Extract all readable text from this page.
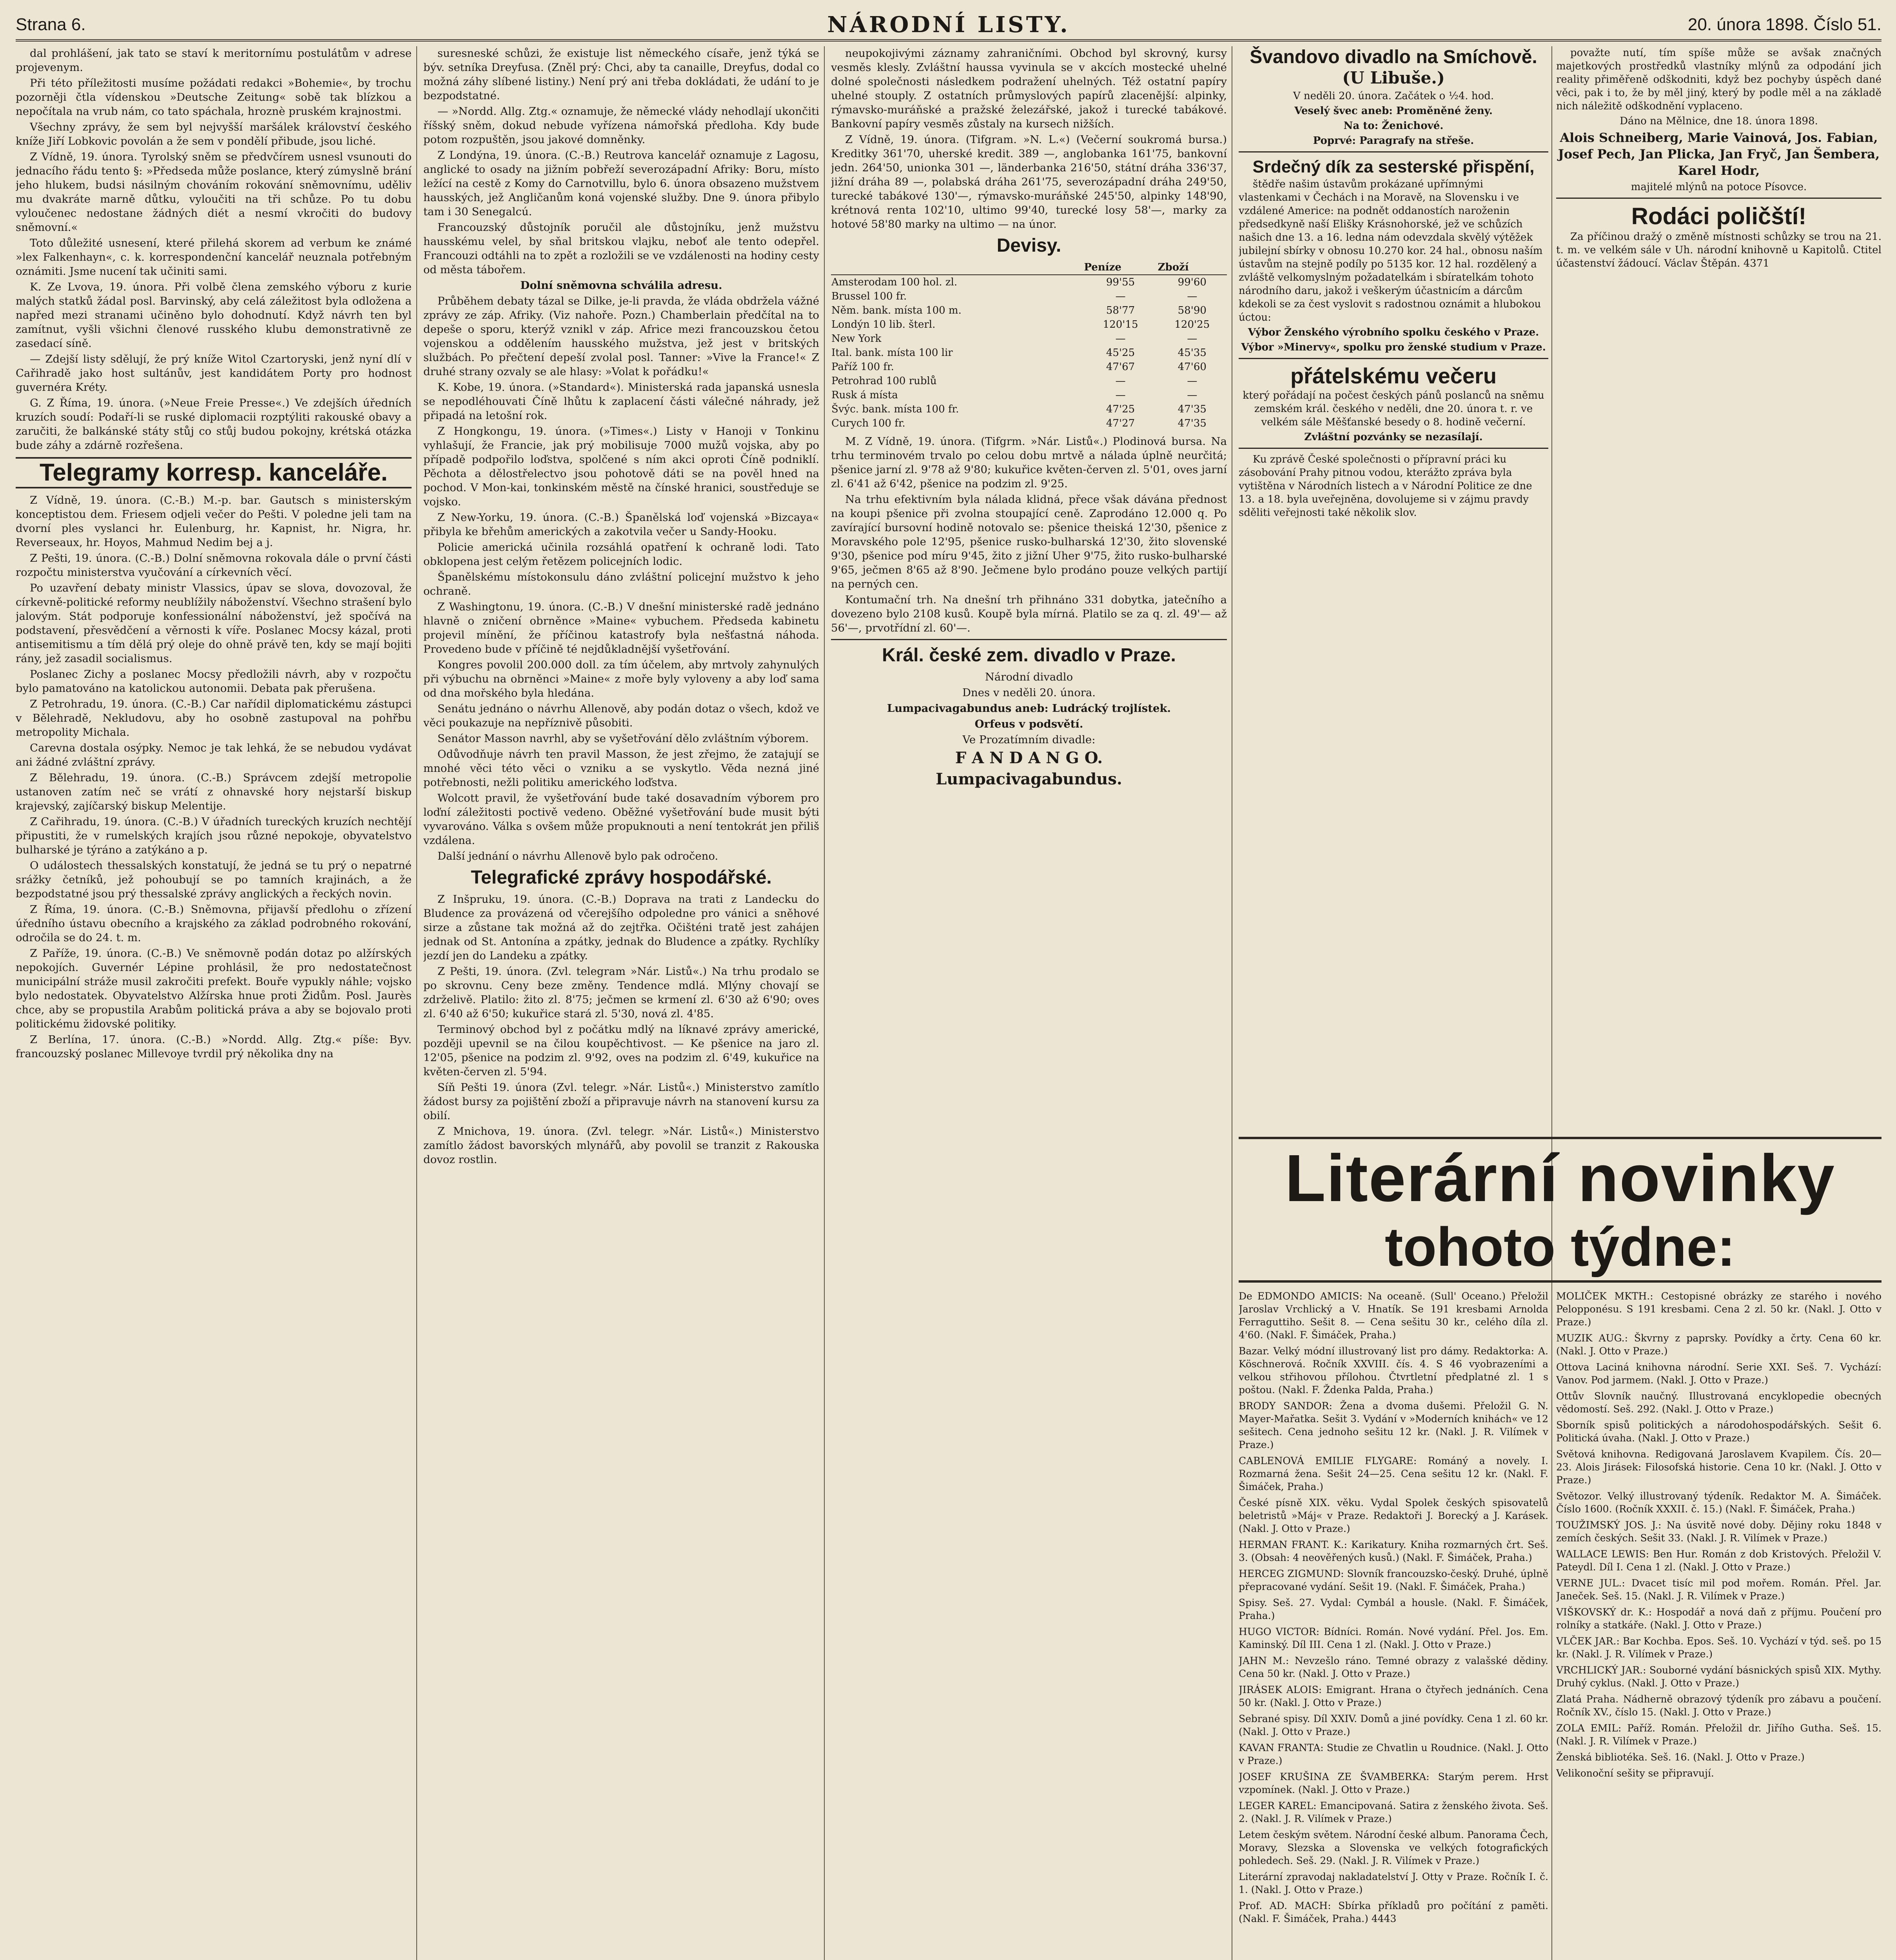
Strana 6.	NÁRODNÍ LISTY.	20. února 1898. Číslo 51.

dal prohlášení, jak tato se staví k meritornímu postulátům v adrese projevenym.

Při této příležitosti musíme požádati redakci »Bohemie«, by trochu pozorněji čtla vídenskou »Deutsche Zeitung« sobě tak blízkou a nepočítala na vrub nám, co tato spáchala, hroznè pruském krajnostmi.

Všechny zprávy, že sem byl nejvyšší maršálek království českého kníže Jiří Lobkovic povolán a že sem v pondělí přibude, jsou liché.

Z Vídně, 19. února. Tyrolský sněm se předvčírem usnesl vsunouti do jednacího řádu tento §: »Předseda může poslance, který zúmyslně brání jeho hlukem, budsi násilným chováním rokování sněmovnímu, uděliv mu dvakráte marně důtku, vyloučiti na tři schůze. Po tu dobu vyloučenec nedostane žádných diét a nesmí vkročiti do budovy sněmovní.«

Toto důležité usnesení, které přilehá skorem ad verbum ke známé »lex Falkenhayn«, c. k. korrespondenční kancelář neuznala potřebným oznámiti. Jsme nucení tak učiniti sami.

K. Ze Lvova, 19. února. Při volbě člena zemského výboru z kurie malých statků žádal posl. Barvinský, aby celá záležitost byla odložena a napřed mezi stranami učiněno bylo dohodnutí. Když návrh ten byl zamítnut, vyšli všichni členové rusského klubu demonstrativně ze zasedací síně.

— Zdejší listy sdělují, že prý kníže Witol Czartoryski, jenž nyní dlí v Cařihradě jako host sultánův, jest kandidátem Porty pro hodnost guvernéra Kréty.

G. Z Říma, 19. února. (»Neue Freie Presse«.) Ve zdejších úředních kruzích soudí: Podaří-li se ruské diplomacii rozptýliti rakouské obavy a zaručiti, že balkánské státy stůj co stůj budou pokojny, krétská otázka bude záhy a zdárně rozřešena.

Telegramy korresp. kanceláře.

Z Vídně, 19. února. (C.-B.) M.-p. bar. Gautsch s ministerským konceptistou dem. Friesem odjeli večer do Pešti. V poledne jeli tam na dvorní ples vyslanci hr. Eulenburg, hr. Kapnist, hr. Nigra, hr. Reverseaux, hr. Hoyos, Mahmud Nedim bej a j.

Z Pešti, 19. února. (C.-B.) Dolní sněmovna rokovala dále o první části rozpočtu ministerstva vyučování a církevních věcí.

Po uzavření debaty ministr Vlassics, úpav se slova, dovozoval, že církevně-politické reformy neublížily náboženství. Všechno strašení bylo jalovým. Stát podporuje konfessionální náboženství, jež spočívá na podstavení, přesvědčení a věrnosti k víře. Poslanec Mocsy kázal, proti antisemitismu a tím dělá prý oleje do ohně právě ten, kdy se mají bojiti rány, jež zasadil socialismus.

Poslanec Zichy a poslanec Mocsy předložili návrh, aby v rozpočtu bylo pamatováno na katolickou autonomii. Debata pak přerušena.

Z Petrohradu, 19. února. (C.-B.) Car nařídil diplomatickému zástupci v Bělehradě, Nekludovu, aby ho osobně zastupoval na pohřbu metropolity Michala.

Carevna dostala osýpky. Nemoc je tak lehká, že se nebudou vydávat ani žádné zvláštní zprávy.

Z Bělehradu, 19. února. (C.-B.) Správcem zdejší metropolie ustanoven zatím neč se vrátí z ohnavské hory nejstarší biskup krajevský, zajíčarský biskup Melentije.

Z Cařihradu, 19. února. (C.-B.) V úřadních tureckých kruzích nechtějí připustiti, že v rumelských krajích jsou různé nepokoje, obyvatelstvo bulharské je týráno a zatýkáno a p.

O událostech thessalských konstatují, že jedná se tu prý o nepatrné srážky četníků, jež pohoubují se po tamních krajinách, a že bezpodstatné jsou prý thessalské zprávy anglických a řeckých novin.

Z Říma, 19. února. (C.-B.) Sněmovna, přijavší předlohu o zřízení úředního ústavu obecního a krajského za základ podrobného rokování, odročila se do 24. t. m.

Z Paříže, 19. února. (C.-B.) Ve sněmovně podán dotaz po alžírských nepokojích. Guvernér Lépine prohlásil, že pro nedostatečnost municipální stráže musil zakročiti prefekt. Bouře vypukly náhle; vojsko bylo nedostatek. Obyvatelstvo Alžírska hnue proti Židům. Posl. Jaurès chce, aby se propustila Arabům politická práva a aby se bojovalo proti politickému židovské politiky.

Z Berlína, 17. února. (C.-B.) »Nordd. Allg. Ztg.« píše: Byv. francouzský poslanec Millevoye tvrdil prý několika dny na

suresneské schůzi, že existuje list německého císaře, jenž týká se býv. setníka Dreyfusa. (Zněl prý: Chci, aby ta canaille, Dreyfus, dodal co možná záhy slíbené listiny.) Není prý ani třeba dokládati, že udání to je bezpodstatné.

— »Nordd. Allg. Ztg.« oznamuje, že německé vlády nehodlají ukončiti říšský sněm, dokud nebude vyřízena námořská předloha. Kdy bude potom rozpuštěn, jsou jakové domněnky.

Z Londýna, 19. února. (C.-B.) Reutrova kancelář oznamuje z Lagosu, anglické to osady na jižním pobřeží severozápadní Afriky: Boru, místo ležící na cestě z Komy do Carnotvillu, bylo 6. února obsazeno mužstvem hausských, jež Angličanům koná vojenské služby. Dne 9. února přibylo tam i 30 Senegalcú.

Francouzský důstojník poručil ale důstojníku, jenž mužstvu hausskému velel, by sňal britskou vlajku, neboť ale tento odepřel. Francouzi odtáhli na to zpět a rozložili se ve vzdálenosti na hodiny cesty od města tábořem.

Dolní sněmovna schválila adresu.

Průběhem debaty tázal se Dilke, je-li pravda, že vláda obdržela vážné zprávy ze záp. Afriky. (Viz nahoře. Pozn.) Chamberlain předčítal na to depeše o sporu, kterýž vznikl v záp. Africe mezi francouzskou četou vojenskou a oddělením hausského mužstva, jež jest v britských službách. Po přečtení depeší zvolal posl. Tanner: »Vive la France!« Z druhé strany ozvaly se ale hlasy: »Volat k pořádku!«

K. Kobe, 19. února. (»Standard«). Ministerská rada japanská usnesla se nepodléhouvati Číně lhůtu k zaplacení části válečné náhrady, jež připadá na letošní rok.

Z Hongkongu, 19. února. (»Times«.) Listy v Hanoji v Tonkinu vyhlašují, že Francie, jak prý mobilisuje 7000 mužů vojska, aby po případě podpořilo loďstva, spolčené s ním akci oproti Číně podniklí. Pěchota a dělostřelectvo jsou pohotově dáti se na pověl hned na pochod. V Mon-kai, tonkinském městě na čínské hranici, soustředuje se vojsko.

Z New-Yorku, 19. února. (C.-B.) Španělská loď vojenská »Bizcaya« přibyla ke břehům amerických a zakotvila večer u Sandy-Hooku.

Policie americká učinila rozsáhlá opatření k ochraně lodi. Tato obklopena jest celým řetězem policejních lodic.

Španělskému místokonsulu dáno zvláštní policejní mužstvo k jeho ochraně.

Z Washingtonu, 19. února. (C.-B.) V dnešní ministerské radě jednáno hlavně o zničení obrněnce »Maine« vybuchem. Předseda kabinetu projevil mínění, že příčinou katastrofy byla nešťastná náhoda. Provedeno bude v příčině té nejdůkladnější vyšetřování.

Kongres povolil 200.000 doll. za tím účelem, aby mrtvoly zahynulých při výbuchu na obrněnci »Maine« z moře byly vyloveny a aby loď sama od dna mořského byla hledána.

Senátu jednáno o návrhu Allenově, aby podán dotaz o všech, kdož ve věci poukazuje na nepříznivě působiti.

Senátor Masson navrhl, aby se vyšetřování dělo zvláštním výborem.

Odůvodňuje návrh ten pravil Masson, že jest zřejmo, že zatajují se mnohé věci této věci o vzniku a se vyskytlo. Věda nezná jiné potřebnosti, nežli politiku amerického loďstva.

Wolcott pravil, že vyšetřování bude také dosavadním výborem pro loďní záležitosti poctivě vedeno. Oběžné vyšetřování bude musit býti vyvarováno. Válka s ovšem může propuknouti a není tentokrát jen přiliš vzdálena.

Další jednání o návrhu Allenově bylo pak odročeno.

Telegrafické zprávy hospodářské.

Z Inšpruku, 19. února. (C.-B.) Doprava na trati z Landecku do Bludence za provázená od včerejšího odpoledne pro vánici a sněhové sirze a zůstane tak možná až do zejtřka. Očišténi tratě jest zahájen jednak od St. Antonína a zpátky, jednak do Bludence a zpátky. Rychlíky jezdí jen do Landeku a zpátky.

Z Pešti, 19. února. (Zvl. telegram »Nár. Listů«.) Na trhu prodalo se po skrovnu. Ceny beze změny. Tendence mdlá. Mlýny chovají se zdrželivě. Platilo: žito zl. 8'75; ječmen se krmení zl. 6'30 až 6'90; oves zl. 6'40 až 6'50; kukuřice stará zl. 5'30, nová zl. 4'85.

Terminový obchod byl z počátku mdlý na líknavé zprávy americké, později upevnil se na čilou koupěchtivost. — Ke pšenice na jaro zl. 12'05, pšenice na podzim zl. 9'92, oves na podzim zl. 6'49, kukuřice na květen-červen zl. 5'94.

Síň Pešti 19. února (Zvl. telegr. »Nár. Listů«.) Ministerstvo zamítlo žádost bursy za pojištění zboží a připravuje návrh na stanovení kursu za obilí.

Z Mnichova, 19. února. (Zvl. telegr. »Nár. Listů«.) Ministerstvo zamítlo žádost bavorských mlynářů, aby povolil se tranzit z Rakouska dovoz rostlin.

neupokojivými záznamy zahraničními. Obchod byl skrovný, kursy vesměs klesly. Zvláštní haussa vyvinula se v akcích mostecké uhelné dolné společnosti následkem podražení uhelných. Též ostatní papíry uhelné stouply. Z ostatních průmyslových papírů zlacenější: alpinky, rýmavsko-muráňské a pražské železářské, jakož i turecké tabákové. Bankovní papíry vesměs zůstaly na kursech nižších.

Z Vídně, 19. února. (Tifgram. »N. L.«) (Večerní soukromá bursa.) Kreditky 361'70, uherské kredit. 389 —, anglobanka 161'75, bankovní jedn. 264'50, unionka 301 —, länderbanka 216'50, státní dráha 336'37, jižní dráha 89 —, polabská dráha 261'75, severozápadní dráha 249'50, turecké tabákové 130'—, rýmavsko-muráňské 245'50, alpinky 148'90, krétnová renta 102'10, ultimo 99'40, turecké losy 58'—, marky za hotové 58'80 marky na ultimo — na únor.

Devisy.
	Peníze	Zboží
Amsterodam 100 hol. zl.	99'55	99'60
Brussel 100 fr.	—	—
Něm. bank. místa 100 m.	58'77	58'90
Londýn 10 lib. šterl.	120'15	120'25
New York	—	—
Ital. bank. místa 100 lir	45'25	45'35
Paříž 100 fr.	47'67	47'60
Petrohrad 100 rublů	—	—
Rusk á místa	—	—
Švýc. bank. místa 100 fr.	47'25	47'35
Curych 100 fr.	47'27	47'35

M. Z Vídně, 19. února. (Tifgrm. »Nár. Listů«.) Plodinová bursa. Na trhu terminovém trvalo po celou dobu mrtvě a nálada úplně neurčitá; pšenice jarní zl. 9'78 až 9'80; kukuřice květen-červen zl. 5'01, oves jarní zl. 6'41 až 6'42, pšenice na podzim zl. 9'25.

Na trhu efektivním byla nálada klidná, přece však dávána přednost na koupi pšenice při zvolna stoupající ceně. Zaprodáno 12.000 q. Po zavírající bursovní hodině notovalo se: pšenice theiská 12'30, pšenice z Moravského pole 12'95, pšenice rusko-bulharská 12'30, žito slovenské 9'30, pšenice pod míru 9'45, žito z jižní Uher 9'75, žito rusko-bulharské 9'65, ječmen 8'65 až 8'90. Ječmene bylo prodáno pouze velkých partijí na perných cen.

Kontumační trh. Na dnešní trh přihnáno 331 dobytka, jatečního a dovezeno bylo 2108 kusů. Koupě byla mírná. Platilo se za q. zl. 49'— až 56'—, prvotřídní zl. 60'—.

Král. české zem. divadlo v Praze.

Národní divadlo

Dnes v neděli 20. února.

Lumpacivagabundus aneb: Ludrácký trojlístek.

Orfeus v podsvětí.

Ve Prozatímním divadle:

F A N D A N G O.

Lumpacivagabundus.

Švandovo divadlo na Smíchově.

(U Libuše.)

V neděli 20. února. Začátek o ½4. hod.

Veselý švec aneb: Proměněné ženy.

Na to: Ženichové.

Poprvé: Paragrafy na střeše.

Srdečný dík za sesterské přispění,

štědře našim ústavům prokázané upřímnými vlastenkami v Čechách i na Moravě, na Slovensku i ve vzdálené Americe: na podnět oddanostích naroženin předsedkyně naší Elišky Krásnohorské, jež ve schůzích našich dne 13. a 16. ledna nám odevzdala skvělý výtěžek jubilejní sbírky v obnosu 10.270 kor. 24 hal., obnosu naším ústavům na stejně podíly po 5135 kor. 12 hal. rozdělený a zvláště velkomyslným požadatelkám i sbíratelkám tohoto národního daru, jakož i veškerým účastnicím a dárcům kdekoli se za čest vyslovit s radostnou oznámit a hlubokou úctou:

Výbor Ženského výrobního spolku českého v Praze.

Výbor »Minervy«, spolku pro ženské studium v Praze.

přátelskému večeru

který pořádají na počest českých pánů poslanců na sněmu zemském král. českého v neděli, dne 20. února t. r. ve velkém sále Měšťanské besedy o 8. hodině večerní.

Zvláštní pozvánky se nezasílají.

Ku zprávě České společnosti o přípravní práci ku zásobování Prahy pitnou vodou, kterážto zpráva byla vytištěna v Národních listech a v Národní Politice ze dne 13. a 18. byla uveřejněna, dovolujeme si v zájmu pravdy sděliti veřejnosti také několik slov.

považte nutí, tím spíše může se avšak značných majetkových prostředků vlastníky mlýnů za odpodání jich reality přiměřeně odškodniti, když bez pochyby úspěch dané věci, pak i to, že by měl jiný, který by podle měl a na základě nich náležitě odškodnění vyplaceno.

Dáno na Mělnice, dne 18. února 1898.

Alois Schneiberg, Marie Vainová, Jos. Fabian, Josef Pech, Jan Plicka, Jan Fryč, Jan Šembera, Karel Hodr,

majitelé mlýnů na potoce Písovce.

Rodáci poličští!

Za příčinou dražý o změně místnosti schůzky se trou na 21. t. m. ve velkém sále v Uh. národní knihovně u Kapitolů. Ctitel účastenství žádoucí. Václav Štěpán. 4371

Literární novinky
tohoto týdne:

De EDMONDO AMICIS: Na oceaně. (Sull' Oceano.) Přeložil Jaroslav Vrchlický a V. Hnatík. Se 191 kresbami Arnolda Ferraguttiho. Sešit 8. — Cena sešitu 30 kr., celého díla zl. 4'60. (Nakl. F. Šimáček, Praha.)

Bazar. Velký módní illustrovaný list pro dámy. Redaktorka: A. Köschnerová. Ročník XXVIII. čís. 4. S 46 vyobrazeními a velkou střihovou přílohou. Čtvrtletní předplatné zl. 1 s poštou. (Nakl. F. Ždenka Palda, Praha.)

BRODY SANDOR: Žena a dvoma dušemi. Přeložil G. N. Mayer-Mařatka. Sešit 3. Vydání v »Moderních knihách« ve 12 sešitech. Cena jednoho sešitu 12 kr. (Nakl. J. R. Vilímek v Praze.)

CABLENOVÁ EMILIE FLYGARE: Románý a novely. I. Rozmarná žena. Sešit 24—25. Cena sešitu 12 kr. (Nakl. F. Šimáček, Praha.)

České písně XIX. věku. Vydal Spolek českých spisovatelů beletristů »Máj« v Praze. Redaktoři J. Borecký a J. Karásek. (Nakl. J. Otto v Praze.)

HERMAN FRANT. K.: Karikatury. Kniha rozmarných črt. Seš. 3. (Obsah: 4 neověřených kusů.) (Nakl. F. Šimáček, Praha.)

HERCEG ZIGMUND: Slovník francouzsko-český. Druhé, úplně přepracované vydání. Sešit 19. (Nakl. F. Šimáček, Praha.)

Spisy. Seš. 27. Vydal: Cymbál a housle. (Nakl. F. Šimáček, Praha.)

HUGO VICTOR: Bídníci. Román. Nové vydání. Přel. Jos. Em. Kaminský. Díl III. Cena 1 zl. (Nakl. J. Otto v Praze.)

JAHN M.: Nevzešlo ráno. Temné obrazy z valašské dědiny. Cena 50 kr. (Nakl. J. Otto v Praze.)

JIRÁSEK ALOIS: Emigrant. Hrana o čtyřech jednáních. Cena 50 kr. (Nakl. J. Otto v Praze.)

Sebrané spisy. Díl XXIV. Domů a jiné povídky. Cena 1 zl. 60 kr. (Nakl. J. Otto v Praze.)

KAVAN FRANTA: Studie ze Chvatlin u Roudnice. (Nakl. J. Otto v Praze.)

JOSEF KRUŠINA ZE ŠVAMBERKA: Starým perem. Hrst vzpomínek. (Nakl. J. Otto v Praze.)

LEGER KAREL: Emancipovaná. Satira z ženského života. Seš. 2. (Nakl. J. R. Vilímek v Praze.)

Letem českým světem. Národní české album. Panorama Čech, Moravy, Slezska a Slovenska ve velkých fotografických pohledech. Seš. 29. (Nakl. J. R. Vilímek v Praze.)

Literární zpravodaj nakladatelství J. Otty v Praze. Ročník I. č. 1. (Nakl. J. Otto v Praze.)

Prof. AD. MACH: Sbírka příkladů pro počítání z paměti. (Nakl. F. Šimáček, Praha.) 4443

MOLIČEK MKTH.: Cestopisné obrázky ze starého i nového Pelopponésu. S 191 kresbami. Cena 2 zl. 50 kr. (Nakl. J. Otto v Praze.)

MUZIK AUG.: Škvrny z paprsky. Povídky a črty. Cena 60 kr. (Nakl. J. Otto v Praze.)

Ottova Laciná knihovna národní. Serie XXI. Seš. 7. Vychází: Vanov. Pod jarmem. (Nakl. J. Otto v Praze.)

Ottův Slovník naučný. Illustrovaná encyklopedie obecných vědomostí. Seš. 292. (Nakl. J. Otto v Praze.)

Sborník spisů politických a národohospodářských. Sešit 6. Politická úvaha. (Nakl. J. Otto v Praze.)

Světová knihovna. Redigovaná Jaroslavem Kvapilem. Čís. 20—23. Alois Jirásek: Filosofská historie. Cena 10 kr. (Nakl. J. Otto v Praze.)

Světozor. Velký illustrovaný týdeník. Redaktor M. A. Šimáček. Číslo 1600. (Ročník XXXII. č. 15.) (Nakl. F. Šimáček, Praha.)

TOUŽIMSKÝ JOS. J.: Na úsvitě nové doby. Dějiny roku 1848 v zemích českých. Sešit 33. (Nakl. J. R. Vilímek v Praze.)

WALLACE LEWIS: Ben Hur. Román z dob Kristových. Přeložil V. Pateydl. Díl I. Cena 1 zl. (Nakl. J. Otto v Praze.)

VERNE JUL.: Dvacet tisíc mil pod mořem. Román. Přel. Jar. Janeček. Seš. 15. (Nakl. J. R. Vilímek v Praze.)

VIŠKOVSKÝ dr. K.: Hospodář a nová daň z příjmu. Poučení pro rolníky a statkáře. (Nakl. J. Otto v Praze.)

VLČEK JAR.: Bar Kochba. Epos. Seš. 10. Vychází v týd. seš. po 15 kr. (Nakl. J. R. Vilímek v Praze.)

VRCHLICKÝ JAR.: Souborné vydání básnických spisů XIX. Mythy. Druhý cyklus. (Nakl. J. Otto v Praze.)

Zlatá Praha. Nádherně obrazový týdeník pro zábavu a poučení. Ročník XV., číslo 15. (Nakl. J. Otto v Praze.)

ZOLA EMIL: Paříž. Román. Přeložil dr. Jiřího Gutha. Seš. 15. (Nakl. J. R. Vilímek v Praze.)

Ženská bibliotéka. Seš. 16. (Nakl. J. Otto v Praze.)

Velikonoční sešity se připravují.
